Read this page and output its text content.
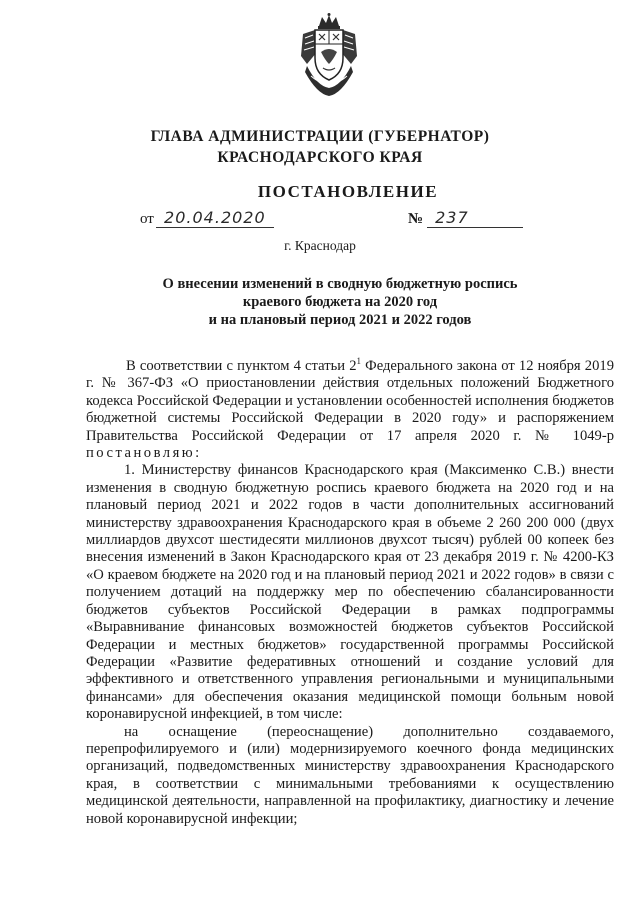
ГЛАВА АДМИНИСТРАЦИИ (ГУБЕРНАТОР)
КРАСНОДАРСКОГО КРАЯ
ПОСТАНОВЛЕНИЕ
от 20.04.2020	№ 237
г. Краснодар
О внесении изменений в сводную бюджетную роспись
краевого бюджета на 2020 год
и на плановый период 2021 и 2022 годов

В соответствии с пунктом 4 статьи $2^1$ Федерального закона от 12 ноября 2019 г. № 367-ФЗ «О приостановлении действия отдельных положений Бюджетного кодекса Российской Федерации и установлении особенностей исполнения бюджетов бюджетной системы Российской Федерации в 2020 году» и распоряжением Правительства Российской Федерации от 17 апреля 2020 г. № 1049-р постановляю:

1. Министерству финансов Краснодарского края (Максименко С.В.) внести изменения в сводную бюджетную роспись краевого бюджета на 2020 год и на плановый период 2021 и 2022 годов в части дополнительных ассигнований министерству здравоохранения Краснодарского края в объеме 2 260 200 000 (двух миллиардов двухсот шестидесяти миллионов двухсот тысяч) рублей 00 копеек без внесения изменений в Закон Краснодарского края от 23 декабря 2019 г. № 4200-КЗ «О краевом бюджете на 2020 год и на плановый период 2021 и 2022 годов» в связи с получением дотаций на поддержку мер по обеспечению сбалансированности бюджетов субъектов Российской Федерации в рамках подпрограммы «Выравнивание финансовых возможностей бюджетов субъектов Российской Федерации и местных бюджетов» государственной программы Российской Федерации «Развитие федеративных отношений и создание условий для эффективного и ответственного управления региональными и муниципальными финансами» для обеспечения оказания медицинской помощи больным новой коронавирусной инфекцией, в том числе:

на оснащение (переоснащение) дополнительно создаваемого, перепрофилируемого и (или) модернизируемого коечного фонда медицинских организаций, подведомственных министерству здравоохранения Краснодарского края, в соответствии с минимальными требованиями к осуществлению медицинской деятельности, направленной на профилактику, диагностику и лечение новой коронавирусной инфекции;
